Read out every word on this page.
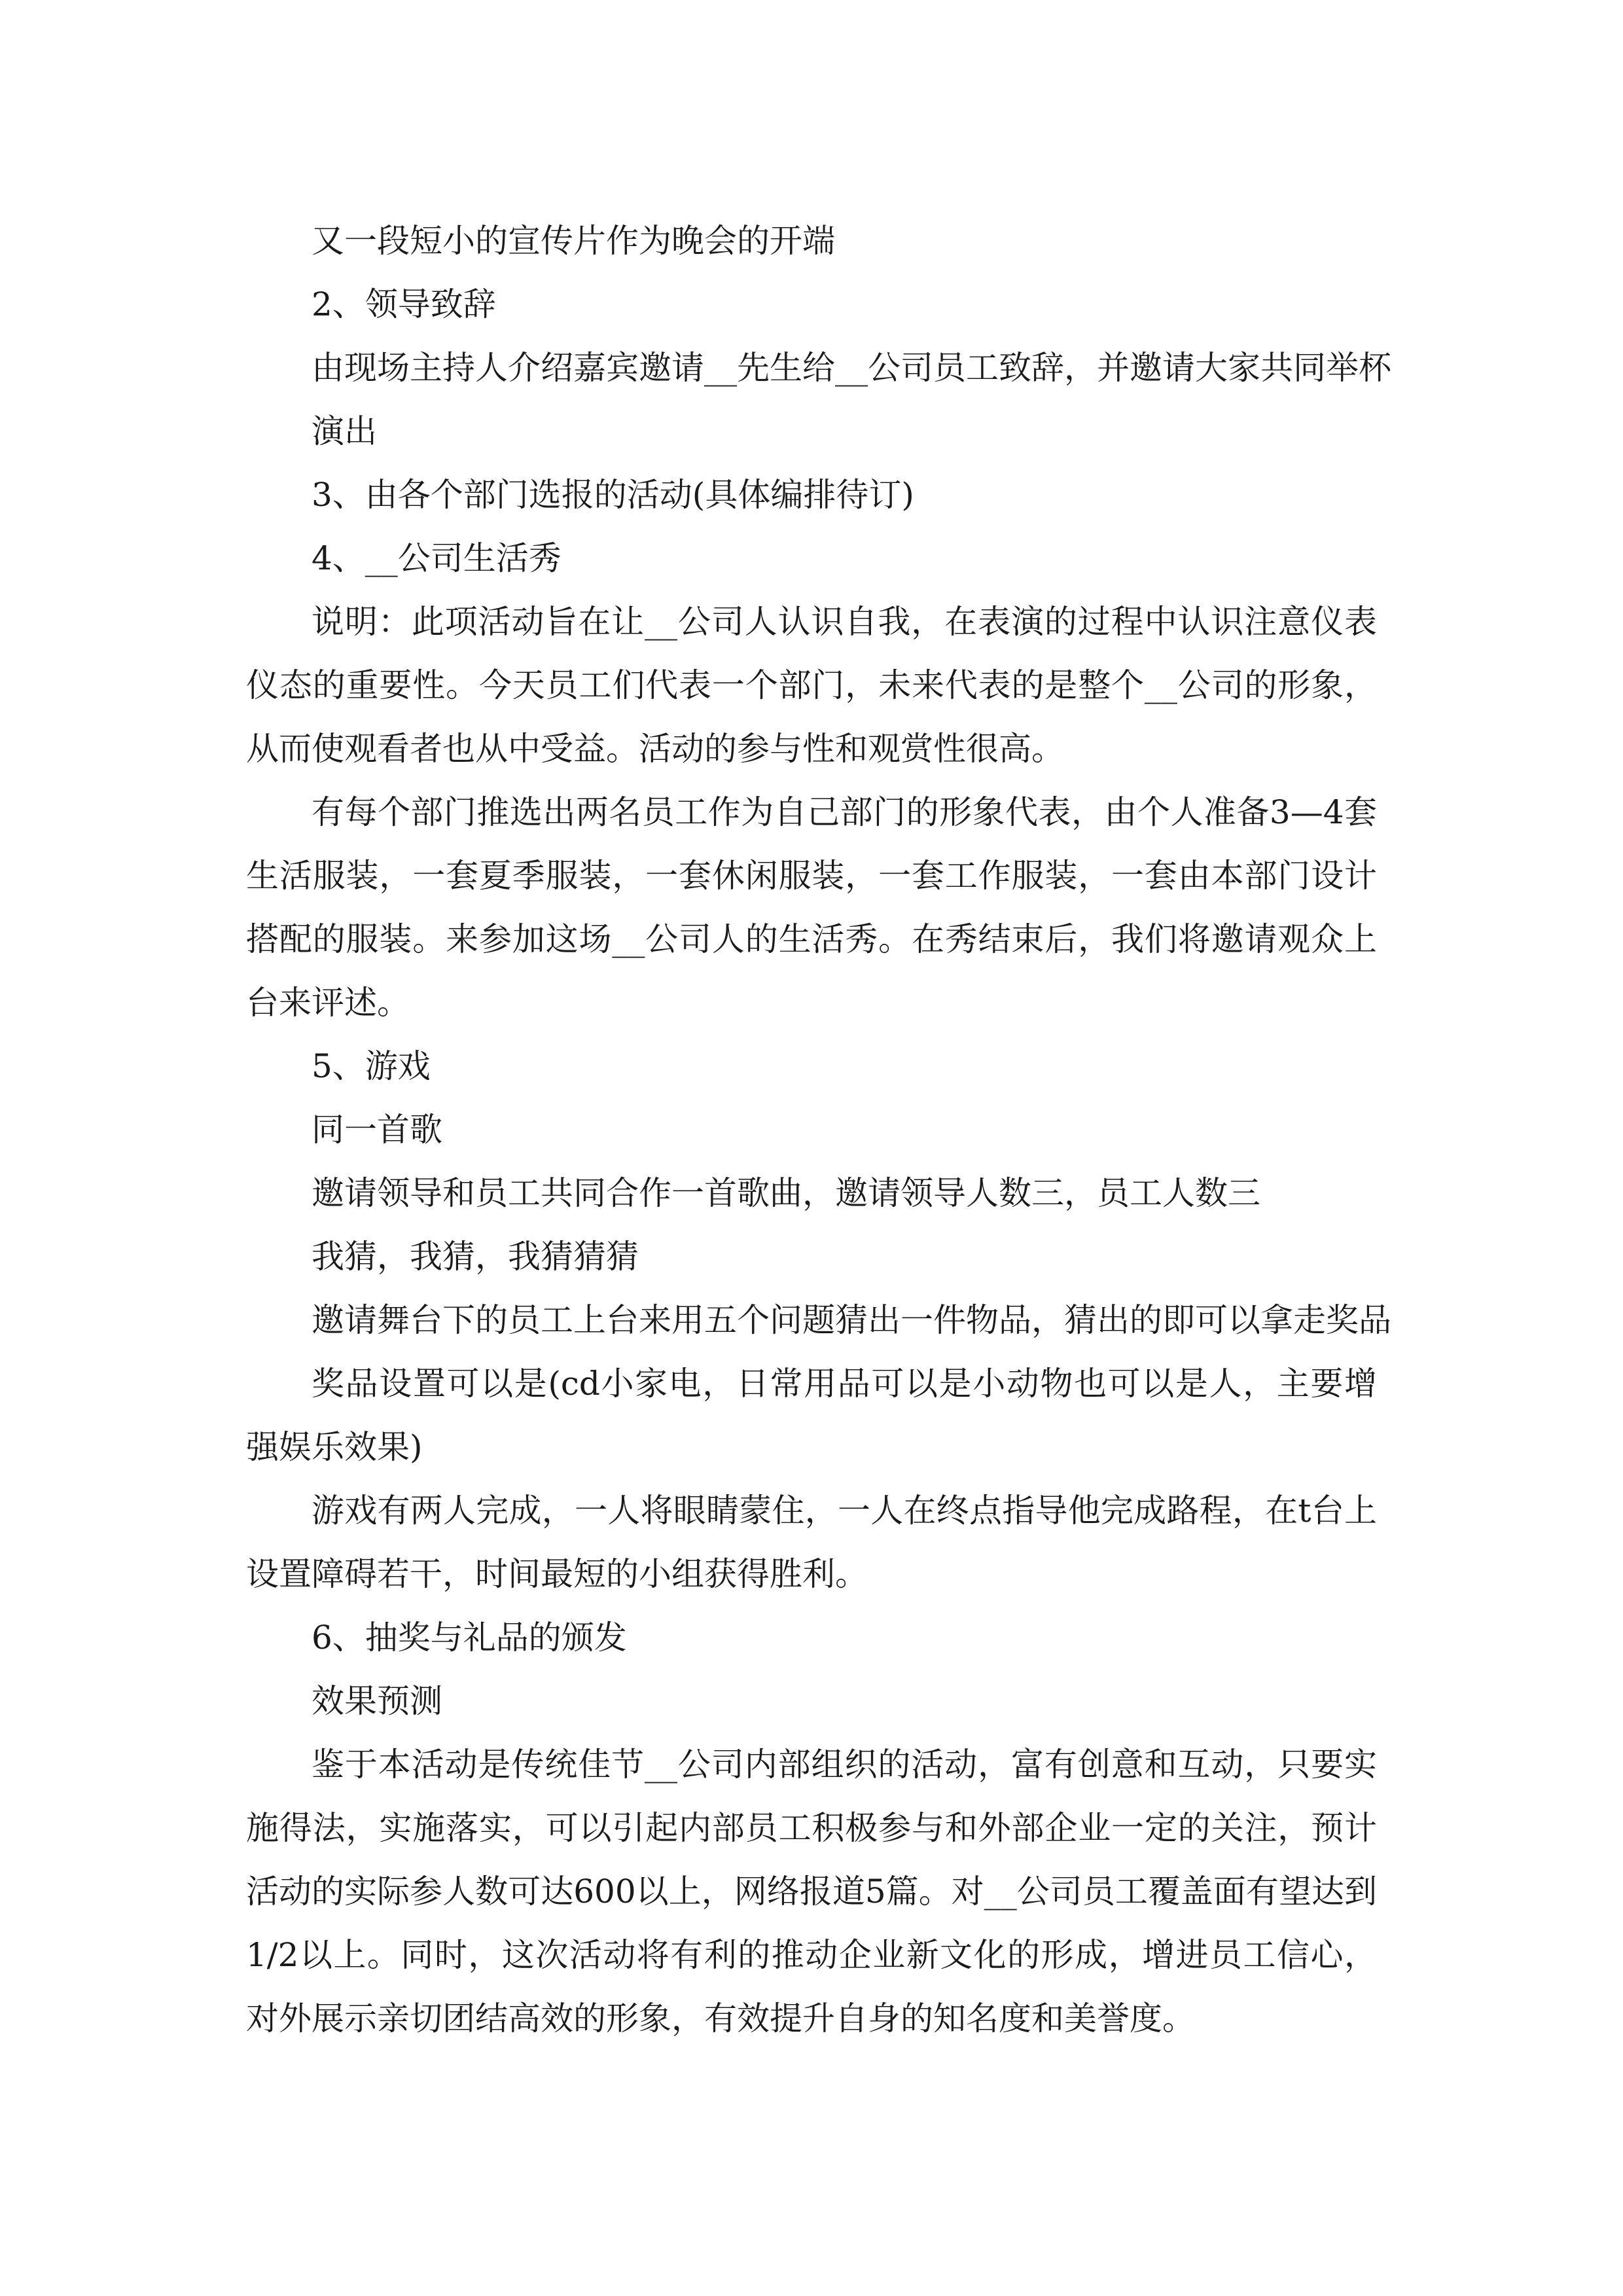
又一段短小的宣传片作为晚会的开端

2、领导致辞

由现场主持人介绍嘉宾邀请__先生给__公司员工致辞，并邀请大家共同举杯

演出

3、由各个部门选报的活动(具体编排待订)

4、__公司生活秀

说明：此项活动旨在让__公司人认识自我，在表演的过程中认识注意仪表仪态的重要性。今天员工们代表一个部门，未来代表的是整个__公司的形象，从而使观看者也从中受益。活动的参与性和观赏性很高。

有每个部门推选出两名员工作为自己部门的形象代表，由个人准备3—4套生活服装，一套夏季服装，一套休闲服装，一套工作服装，一套由本部门设计搭配的服装。来参加这场__公司人的生活秀。在秀结束后，我们将邀请观众上台来评述。

5、游戏

同一首歌

邀请领导和员工共同合作一首歌曲，邀请领导人数三，员工人数三

我猜，我猜，我猜猜猜

邀请舞台下的员工上台来用五个问题猜出一件物品，猜出的即可以拿走奖品

奖品设置可以是(cd小家电，日常用品可以是小动物也可以是人，主要增强娱乐效果)

游戏有两人完成，一人将眼睛蒙住，一人在终点指导他完成路程，在t台上设置障碍若干，时间最短的小组获得胜利。

6、抽奖与礼品的颁发

效果预测

鉴于本活动是传统佳节__公司内部组织的活动，富有创意和互动，只要实施得法，实施落实，可以引起内部员工积极参与和外部企业一定的关注，预计活动的实际参人数可达600以上，网络报道5篇。对__公司员工覆盖面有望达到1/2以上。同时，这次活动将有利的推动企业新文化的形成，增进员工信心，对外展示亲切团结高效的形象，有效提升自身的知名度和美誉度。
